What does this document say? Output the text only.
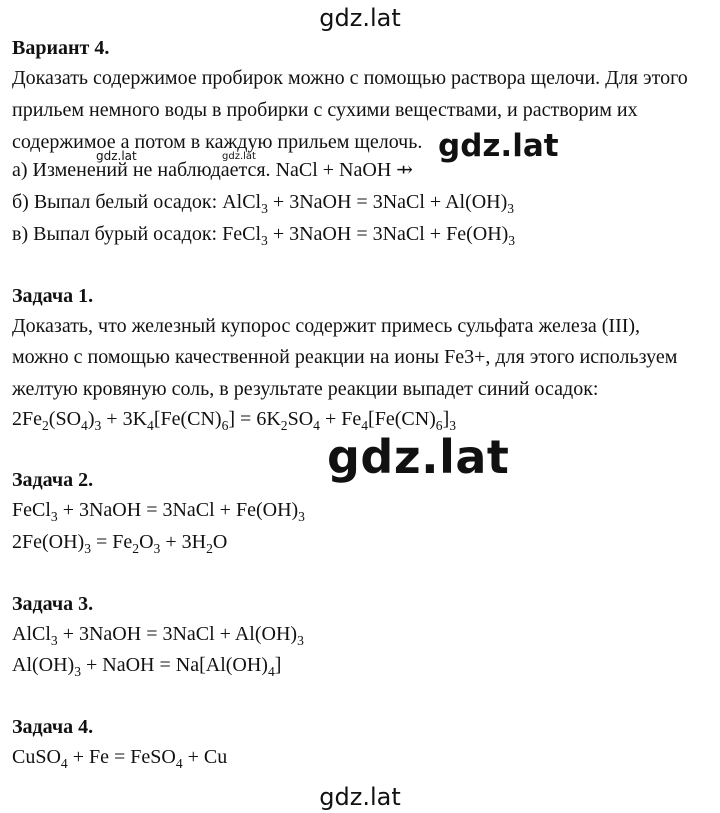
gdz.lat
Вариант 4.
Доказать содержимое пробирок можно с помощью раствора щелочи. Для этого
прильем немного воды в пробирки с сухими веществами, и растворим их
содержимое а потом в каждую прильем щелочь.
а) Изменений не наблюдается. NaCl + NaOH ⇸
б) Выпал белый осадок: AlCl$_3$ + 3NaOH = 3NaCl + $Al(OH)_3$
в) Выпал бурый осадок: FeCl$_3$ + 3NaOH = 3NaCl + $Fe(OH)_3$
gdz.lat
gdz.lat	gdz.lat
Задача 1.
Доказать, что железный купорос содержит примесь сульфата железа (III),
можно с помощью качественной реакции на ионы Fe3+, для этого используем
желтую кровяную соль, в результате реакции выпадет синий осадок:
$2Fe_2(SO_4)_3 + 3K_4[Fe(CN)_6] = 6K_2SO_4 + Fe_4[Fe(CN)_6]_3$
gdz.lat
Задача 2.
FeCl$_3$ + 3NaOH = 3NaCl + $Fe(OH)_3$
$2Fe(OH)_3 = Fe_2O_3 + 3H_2O$
Задача 3.
AlCl$_3$ + 3NaOH = 3NaCl + $Al(OH)_3$
$Al(OH)_3$ + NaOH = $Na[Al(OH)_4]$
Задача 4.
CuSO$_4$ + Fe = FeSO$_4$ + Cu
gdz.lat
